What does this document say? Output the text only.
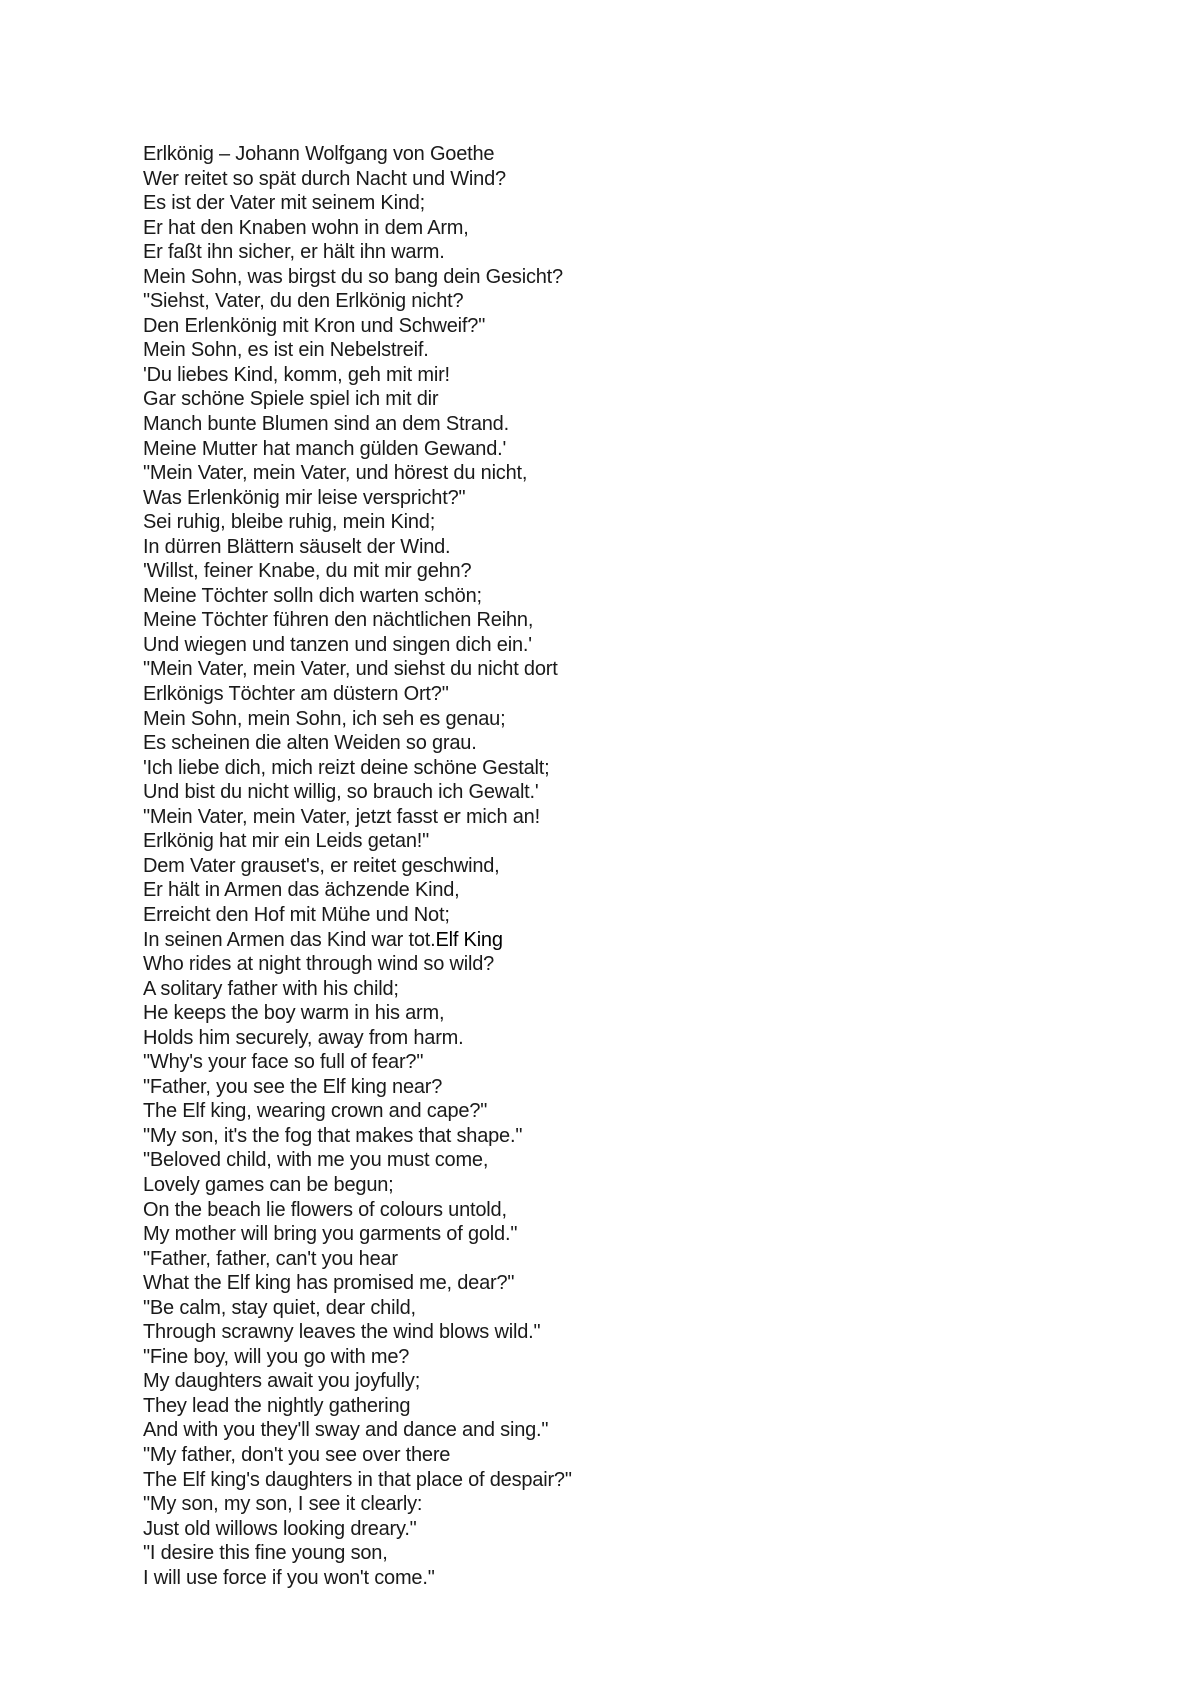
Erlkönig – Johann Wolfgang von Goethe
Wer reitet so spät durch Nacht und Wind?
Es ist der Vater mit seinem Kind;
Er hat den Knaben wohn in dem Arm,
Er faßt ihn sicher, er hält ihn warm.
Mein Sohn, was birgst du so bang dein Gesicht?
"Siehst, Vater, du den Erlkönig nicht?
Den Erlenkönig mit Kron und Schweif?"
Mein Sohn, es ist ein Nebelstreif.
'Du liebes Kind, komm, geh mit mir!
Gar schöne Spiele spiel ich mit dir
Manch bunte Blumen sind an dem Strand.
Meine Mutter hat manch gülden Gewand.'
"Mein Vater, mein Vater, und hörest du nicht,
Was Erlenkönig mir leise verspricht?"
Sei ruhig, bleibe ruhig, mein Kind;
In dürren Blättern säuselt der Wind.
'Willst, feiner Knabe, du mit mir gehn?
Meine Töchter solln dich warten schön;
Meine Töchter führen den nächtlichen Reihn,
Und wiegen und tanzen und singen dich ein.'
"Mein Vater, mein Vater, und siehst du nicht dort
Erlkönigs Töchter am düstern Ort?"
Mein Sohn, mein Sohn, ich seh es genau;
Es scheinen die alten Weiden so grau.
'Ich liebe dich, mich reizt deine schöne Gestalt;
Und bist du nicht willig, so brauch ich Gewalt.'
"Mein Vater, mein Vater, jetzt fasst er mich an!
Erlkönig hat mir ein Leids getan!"
Dem Vater grauset's, er reitet geschwind,
Er hält in Armen das ächzende Kind,
Erreicht den Hof mit Mühe und Not;
In seinen Armen das Kind war tot.Elf King
Who rides at night through wind so wild?
A solitary father with his child;
He keeps the boy warm in his arm,
Holds him securely, away from harm.
"Why's your face so full of fear?"
"Father, you see the Elf king near?
The Elf king, wearing crown and cape?"
"My son, it's the fog that makes that shape."
"Beloved child, with me you must come,
Lovely games can be begun;
On the beach lie flowers of colours untold,
My mother will bring you garments of gold."
"Father, father, can't you hear
What the Elf king has promised me, dear?"
"Be calm, stay quiet, dear child,
Through scrawny leaves the wind blows wild."
"Fine boy, will you go with me?
My daughters await you joyfully;
They lead the nightly gathering
And with you they'll sway and dance and sing."
"My father, don't you see over there
The Elf king's daughters in that place of despair?"
"My son, my son, I see it clearly:
Just old willows looking dreary."
"I desire this fine young son,
I will use force if you won't come."
